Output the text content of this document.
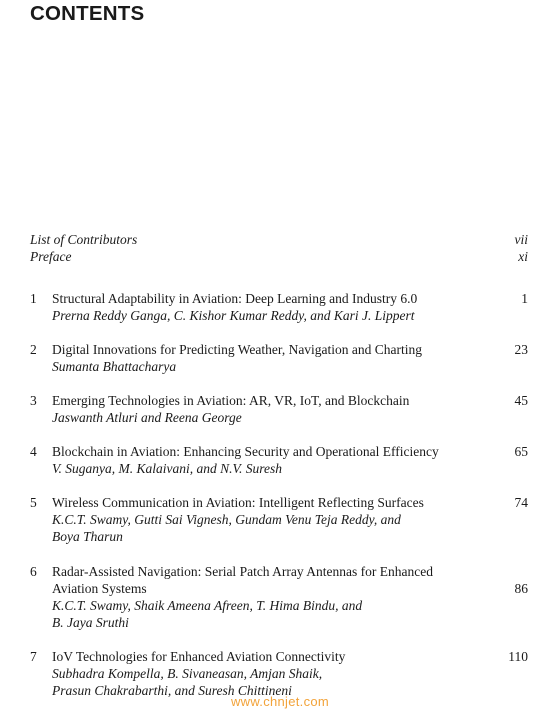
CONTENTS
List of Contributors	vii
Preface	xi
1 Structural Adaptability in Aviation: Deep Learning and Industry 6.0
Prerna Reddy Ganga, C. Kishor Kumar Reddy, and Kari J. Lippert
1
2 Digital Innovations for Predicting Weather, Navigation and Charting
Sumanta Bhattacharya
23
3 Emerging Technologies in Aviation: AR, VR, IoT, and Blockchain
Jaswanth Atluri and Reena George
45
4 Blockchain in Aviation: Enhancing Security and Operational Efficiency
V. Suganya, M. Kalaivani, and N.V. Suresh
65
5 Wireless Communication in Aviation: Intelligent Reflecting Surfaces
K.C.T. Swamy, Gutti Sai Vignesh, Gundam Venu Teja Reddy, and
Boya Tharun
74
6 Radar-Assisted Navigation: Serial Patch Array Antennas for Enhanced
Aviation Systems
K.C.T. Swamy, Shaik Ameena Afreen, T. Hima Bindu, and
B. Jaya Sruthi
86
7 IoV Technologies for Enhanced Aviation Connectivity
Subhadra Kompella, B. Sivaneasan, Amjan Shaik,
Prasun Chakrabarthi, and Suresh Chittineni
110
www.chnjet.com
